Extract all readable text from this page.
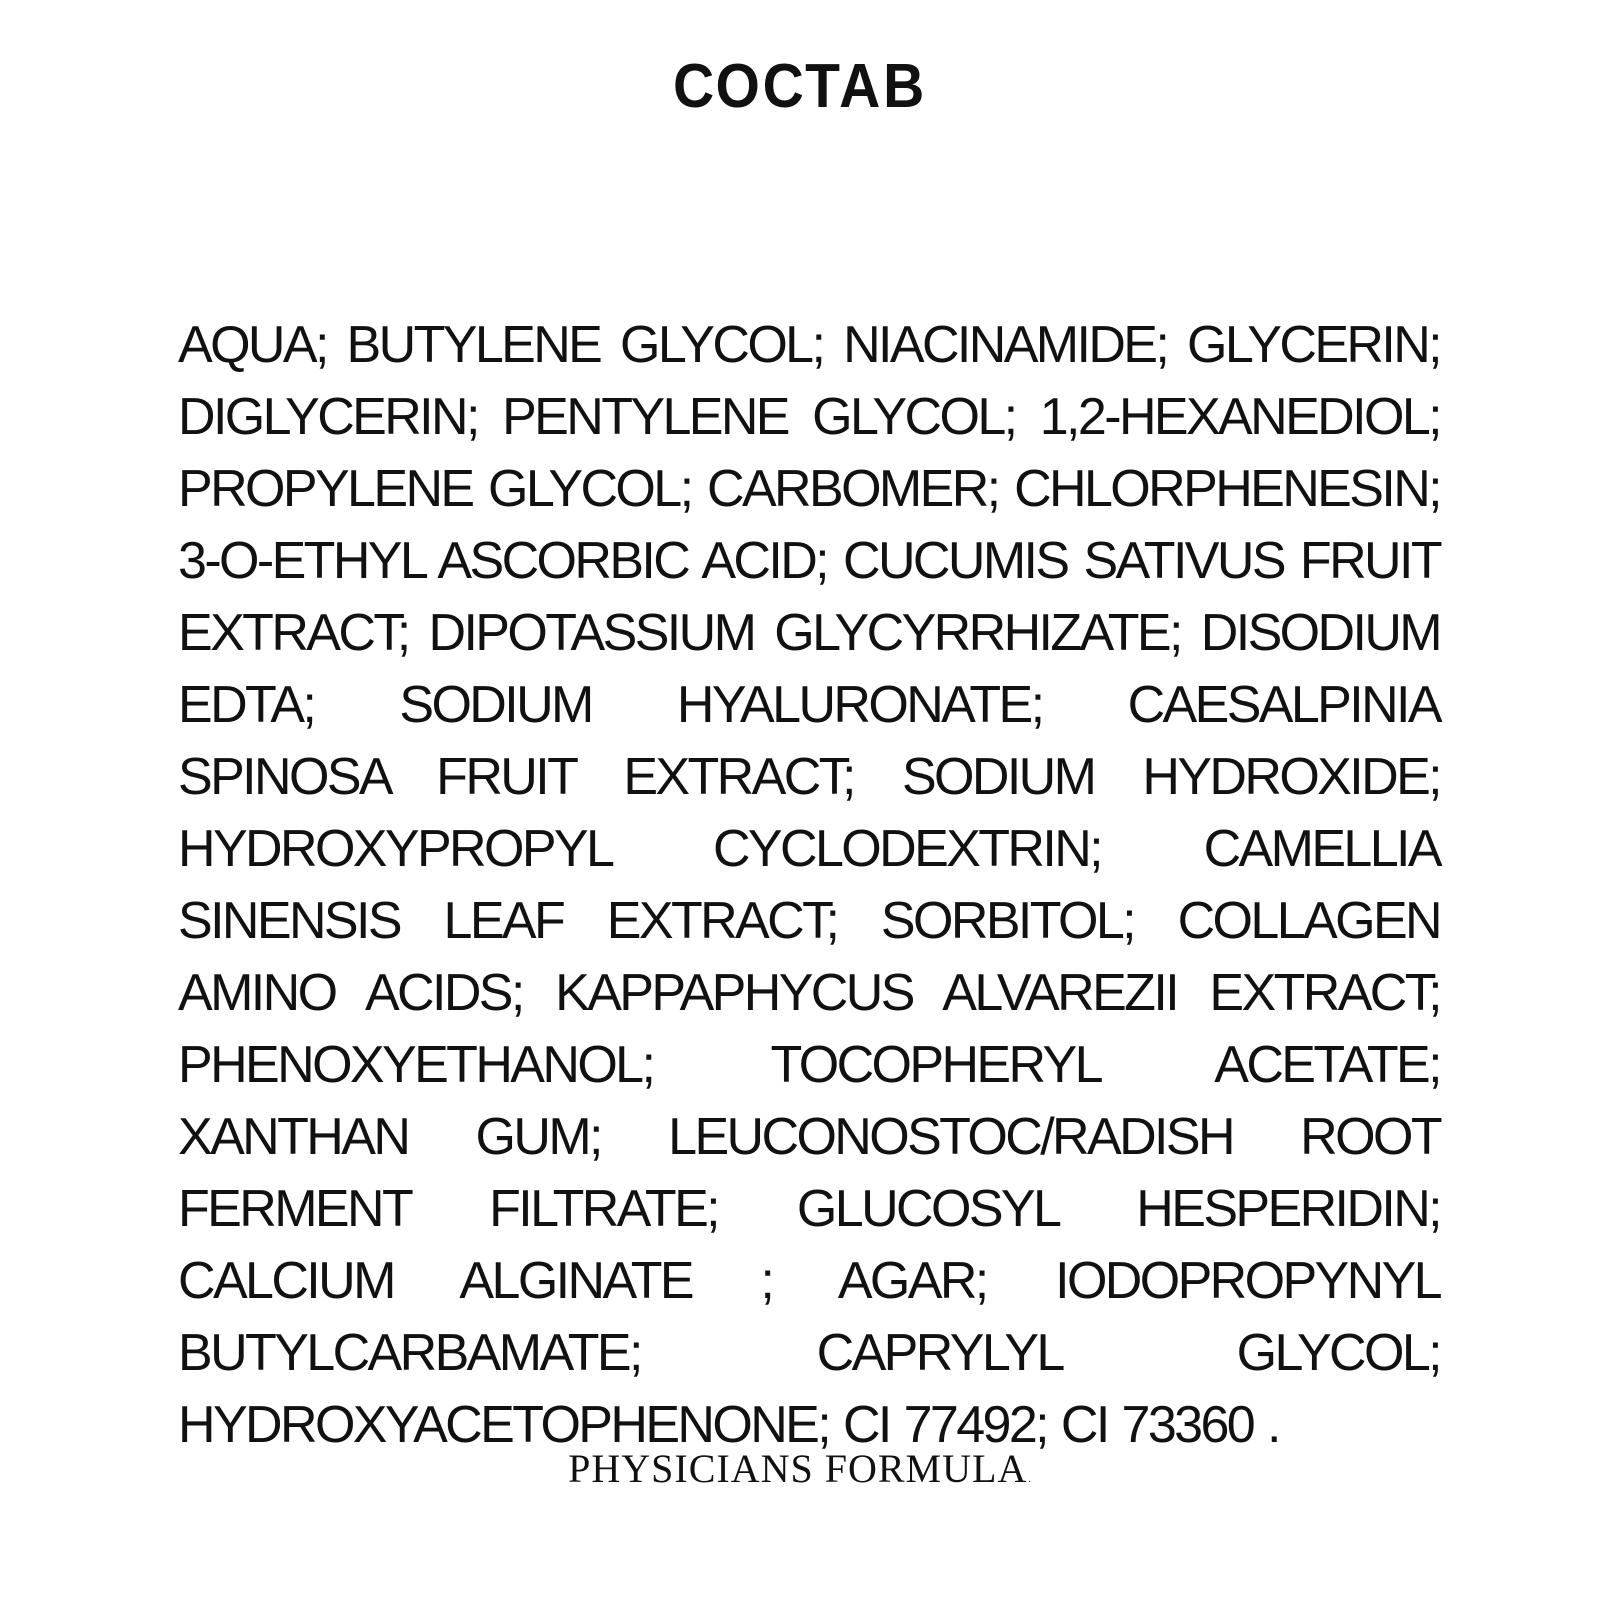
СОСТАВ

AQUA; BUTYLENE GLYCOL; NIACINAMIDE; GLYCERIN; DIGLYCERIN; PENTYLENE GLYCOL; 1,2-HEXANEDIOL; PROPYLENE GLYCOL; CARBOMER; CHLORPHENESIN; 3-O-ETHYL ASCORBIC ACID; CUCUMIS SATIVUS FRUIT EXTRACT; DIPOTASSIUM GLYCYRRHIZATE; DISODIUM EDTA; SODIUM HYALURONATE; CAESALPINIA SPINOSA FRUIT EXTRACT; SODIUM HYDROXIDE; HYDROXYPROPYL CYCLODEXTRIN; CAMELLIA SINENSIS LEAF EXTRACT; SORBITOL; COLLAGEN AMINO ACIDS; KAPPAPHYCUS ALVAREZII EXTRACT; PHENOXYETHANOL; TOCOPHERYL ACETATE; XANTHAN GUM; LEUCONOSTOC/RADISH ROOT FERMENT FILTRATE; GLUCOSYL HESPERIDIN; CALCIUM ALGINATE ; AGAR; IODOPROPYNYL BUTYLCARBAMATE; CAPRYLYL GLYCOL; HYDROXYACETOPHENONE; CI 77492; CI 73360 .

PHYSICIANS FORMULA.
